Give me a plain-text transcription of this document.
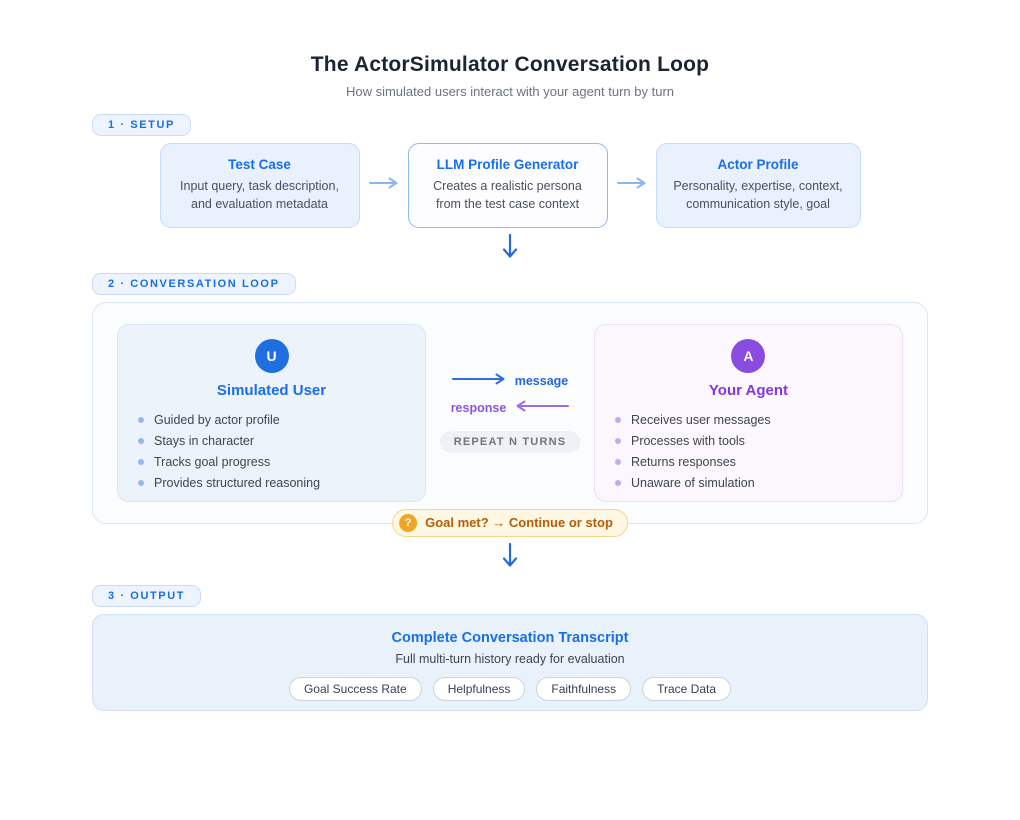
The ActorSimulator Conversation Loop
How simulated users interact with your agent turn by turn
1 · SETUP
Test Case
Input query, task description, and evaluation metadata
LLM Profile Generator
Creates a realistic persona from the test case context
Actor Profile
Personality, expertise, context, communication style, goal
2 · CONVERSATION LOOP
U
Simulated User
Guided by actor profile
Stays in character
Tracks goal progress
Provides structured reasoning
message
response
REPEAT N TURNS
A
Your Agent
Receives user messages
Processes with tools
Returns responses
Unaware of simulation
?	Goal met? → Continue or stop
3 · OUTPUT
Complete Conversation Transcript
Full multi-turn history ready for evaluation
Goal Success Rate	Helpfulness	Faithfulness	Trace Data
